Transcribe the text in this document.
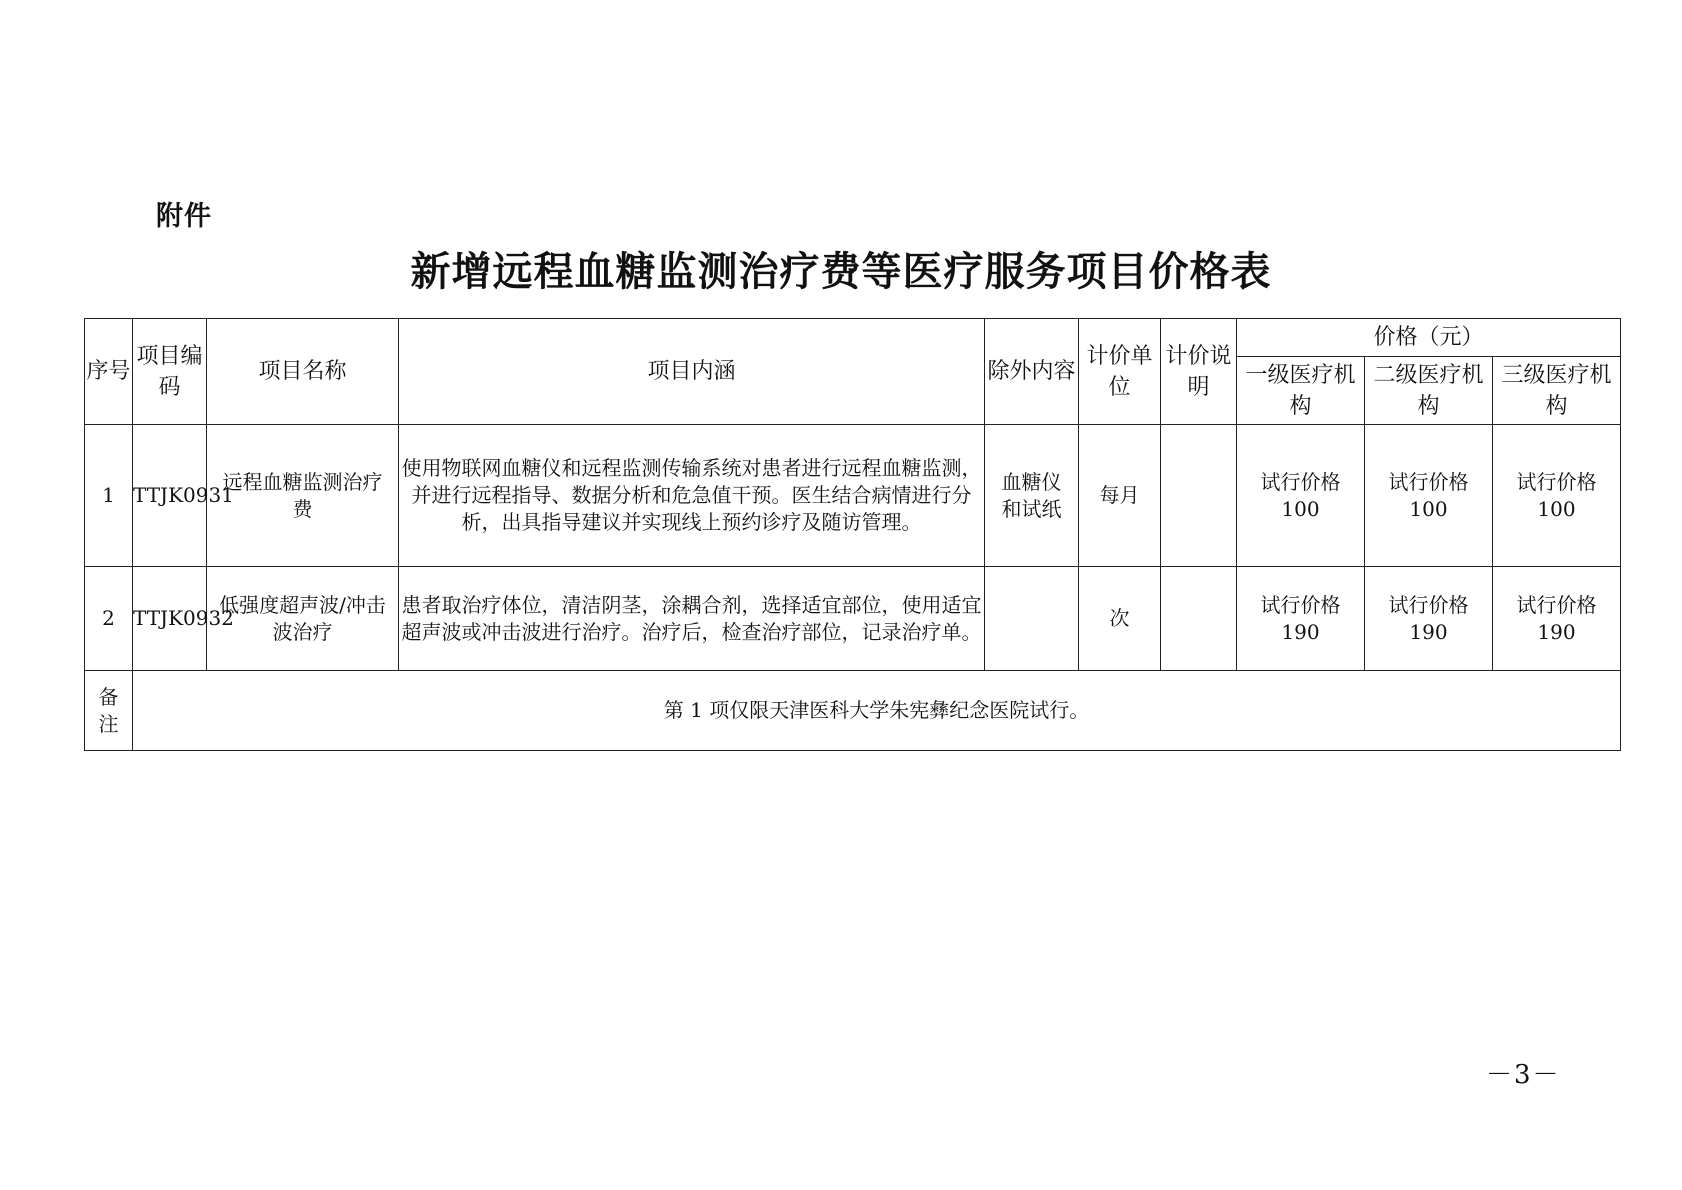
附件
新增远程血糖监测治疗费等医疗服务项目价格表
序号	项目编码	项目名称	项目内涵	除外内容	计价单位	计价说明	价格（元）		
							一级医疗机构	二级医疗机构	三级医疗机构
1	TTJK0931	远程血糖监测治疗费	使用物联网血糖仪和远程监测传输系统对患者进行远程血糖监测，并进行远程指导、数据分析和危急值干预。医生结合病情进行分析，出具指导建议并实现线上预约诊疗及随访管理。	血糖仪和试纸	每月		试行价格100	试行价格100	试行价格100
2	TTJK0932	低强度超声波/冲击波治疗	患者取治疗体位，清洁阴茎，涂耦合剂，选择适宜部位，使用适宜超声波或冲击波进行治疗。治疗后，检查治疗部位，记录治疗单。		次		试行价格190	试行价格190	试行价格190
备注	第 1 项仅限天津医科大学朱宪彝纪念医院试行。								
－3－
